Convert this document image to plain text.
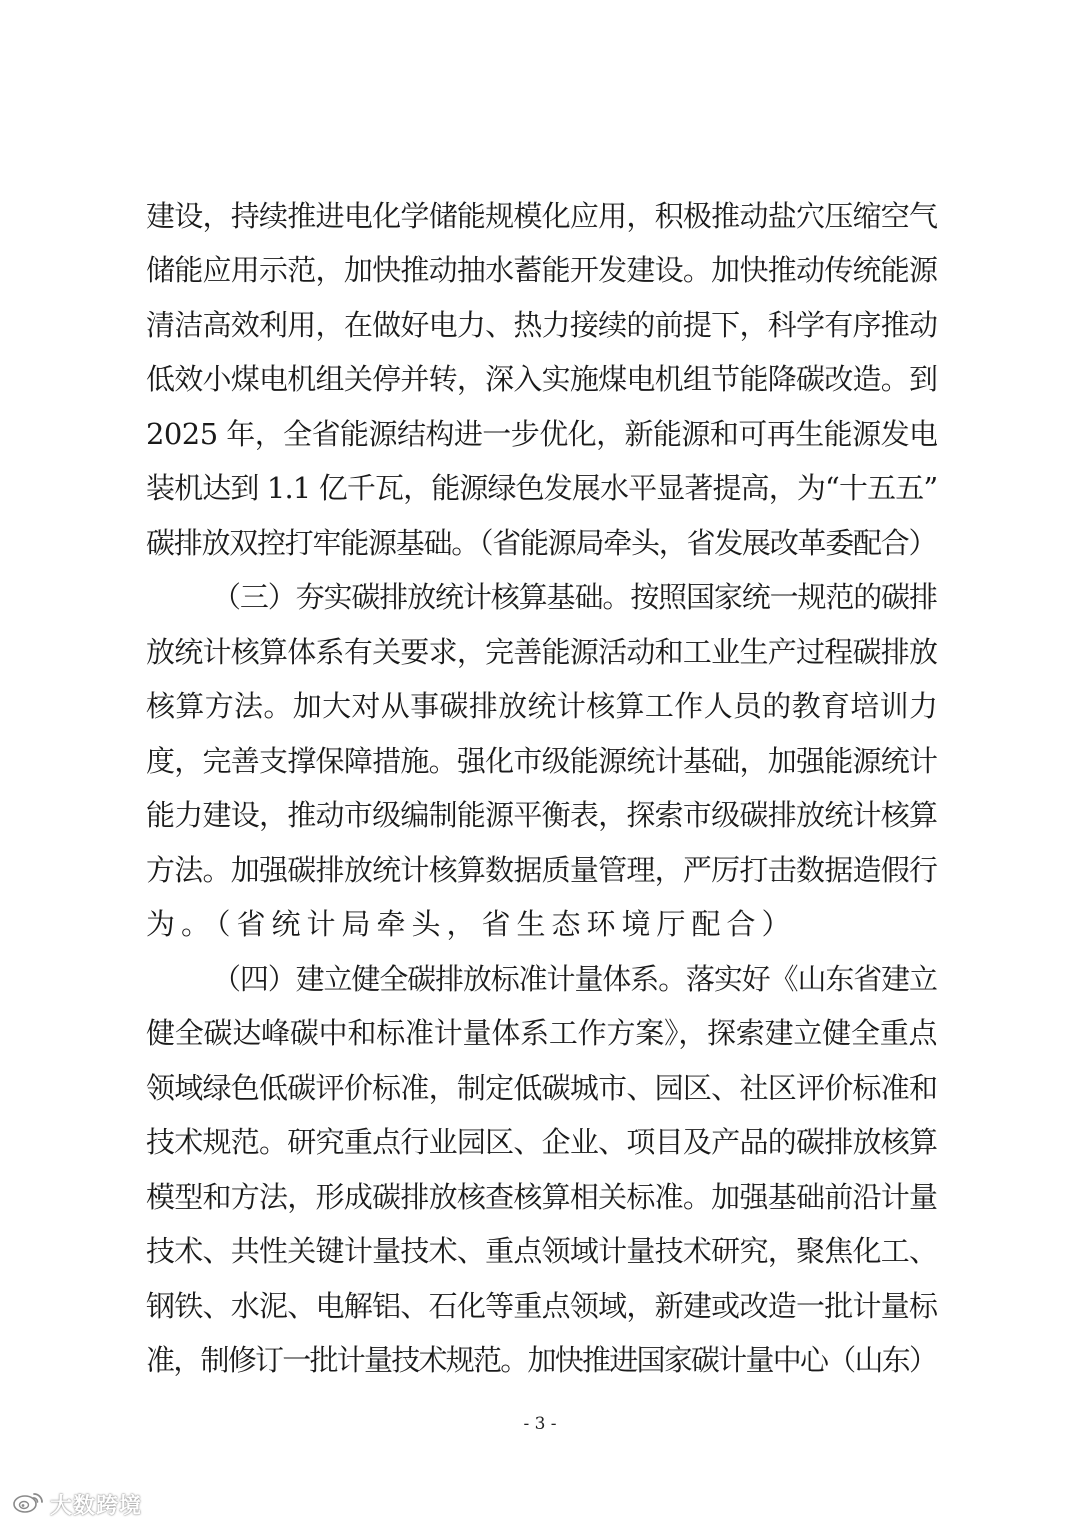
建设，持续推进电化学储能规模化应用，积极推动盐穴压缩空气
储能应用示范，加快推动抽水蓄能开发建设。加快推动传统能源
清洁高效利用，在做好电力、热力接续的前提下，科学有序推动
低效小煤电机组关停并转，深入实施煤电机组节能降碳改造。到
2025 年，全省能源结构进一步优化，新能源和可再生能源发电
装机达到 1.1 亿千瓦，能源绿色发展水平显著提高，为“十五五”
碳排放双控打牢能源基础。（省能源局牵头，省发展改革委配合）
（三）夯实碳排放统计核算基础。按照国家统一规范的碳排
放统计核算体系有关要求，完善能源活动和工业生产过程碳排放
核算方法。加大对从事碳排放统计核算工作人员的教育培训力
度，完善支撑保障措施。强化市级能源统计基础，加强能源统计
能力建设，推动市级编制能源平衡表，探索市级碳排放统计核算
方法。加强碳排放统计核算数据质量管理，严厉打击数据造假行
为。（省统计局牵头，省生态环境厅配合）
（四）建立健全碳排放标准计量体系。落实好《山东省建立
健全碳达峰碳中和标准计量体系工作方案》，探索建立健全重点
领域绿色低碳评价标准，制定低碳城市、园区、社区评价标准和
技术规范。研究重点行业园区、企业、项目及产品的碳排放核算
模型和方法，形成碳排放核查核算相关标准。加强基础前沿计量
技术、共性关键计量技术、重点领域计量技术研究，聚焦化工、
钢铁、水泥、电解铝、石化等重点领域，新建或改造一批计量标
准，制修订一批计量技术规范。加快推进国家碳计量中心（山东）
- 3 -
大数跨境
